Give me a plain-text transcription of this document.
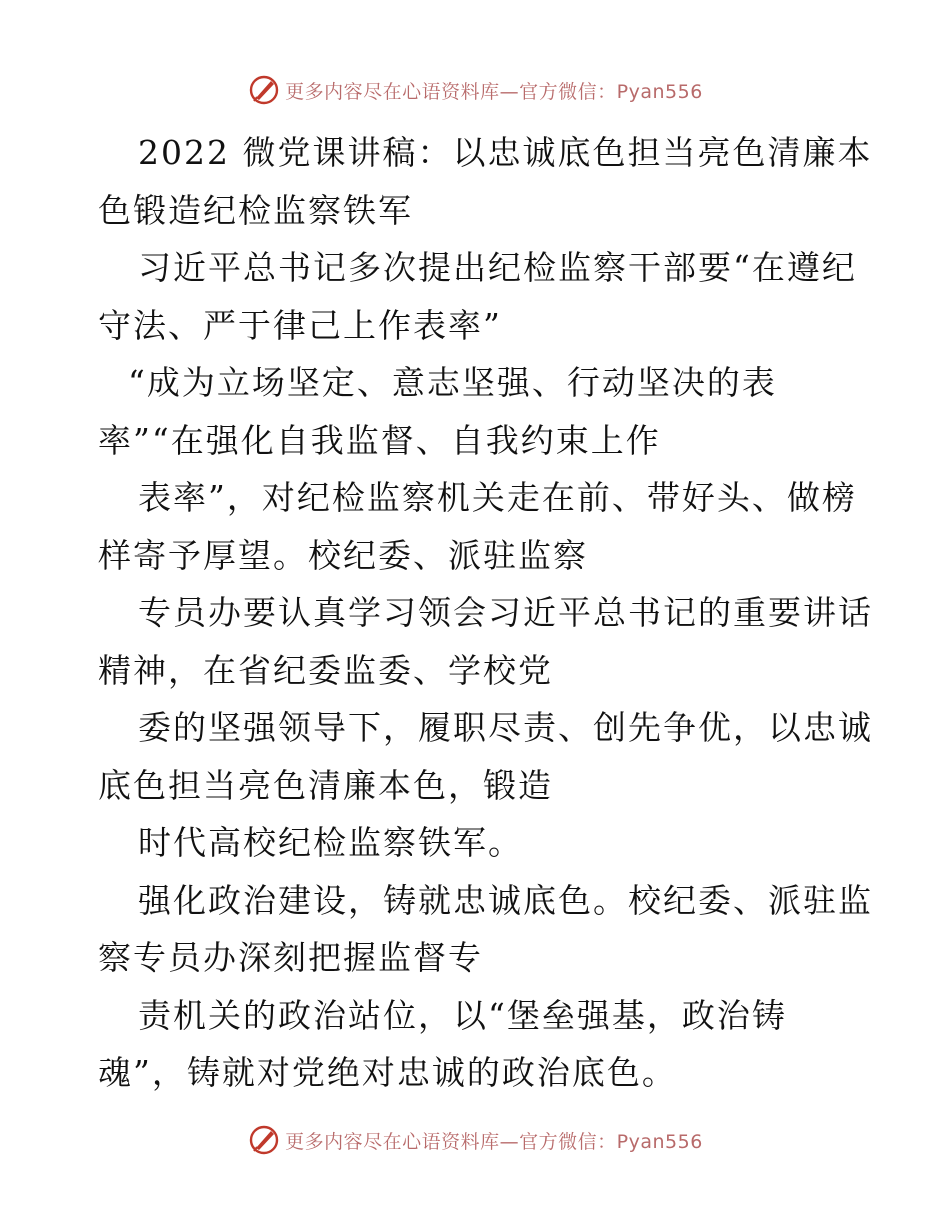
更多内容尽在心语资料库—官方微信：Pyan556
2022 微党课讲稿：以忠诚底色担当亮色清廉本
色锻造纪检监察铁军
习近平总书记多次提出纪检监察干部要“在遵纪
守法、严于律己上作表率”
“成为立场坚定、意志坚强、行动坚决的表
率”“在强化自我监督、自我约束上作
表率”，对纪检监察机关走在前、带好头、做榜
样寄予厚望。校纪委、派驻监察
专员办要认真学习领会习近平总书记的重要讲话
精神，在省纪委监委、学校党
委的坚强领导下，履职尽责、创先争优，以忠诚
底色担当亮色清廉本色，锻造
时代高校纪检监察铁军。
强化政治建设，铸就忠诚底色。校纪委、派驻监
察专员办深刻把握监督专
责机关的政治站位，以“堡垒强基，政治铸
魂”，铸就对党绝对忠诚的政治底色。
更多内容尽在心语资料库—官方微信：Pyan556
